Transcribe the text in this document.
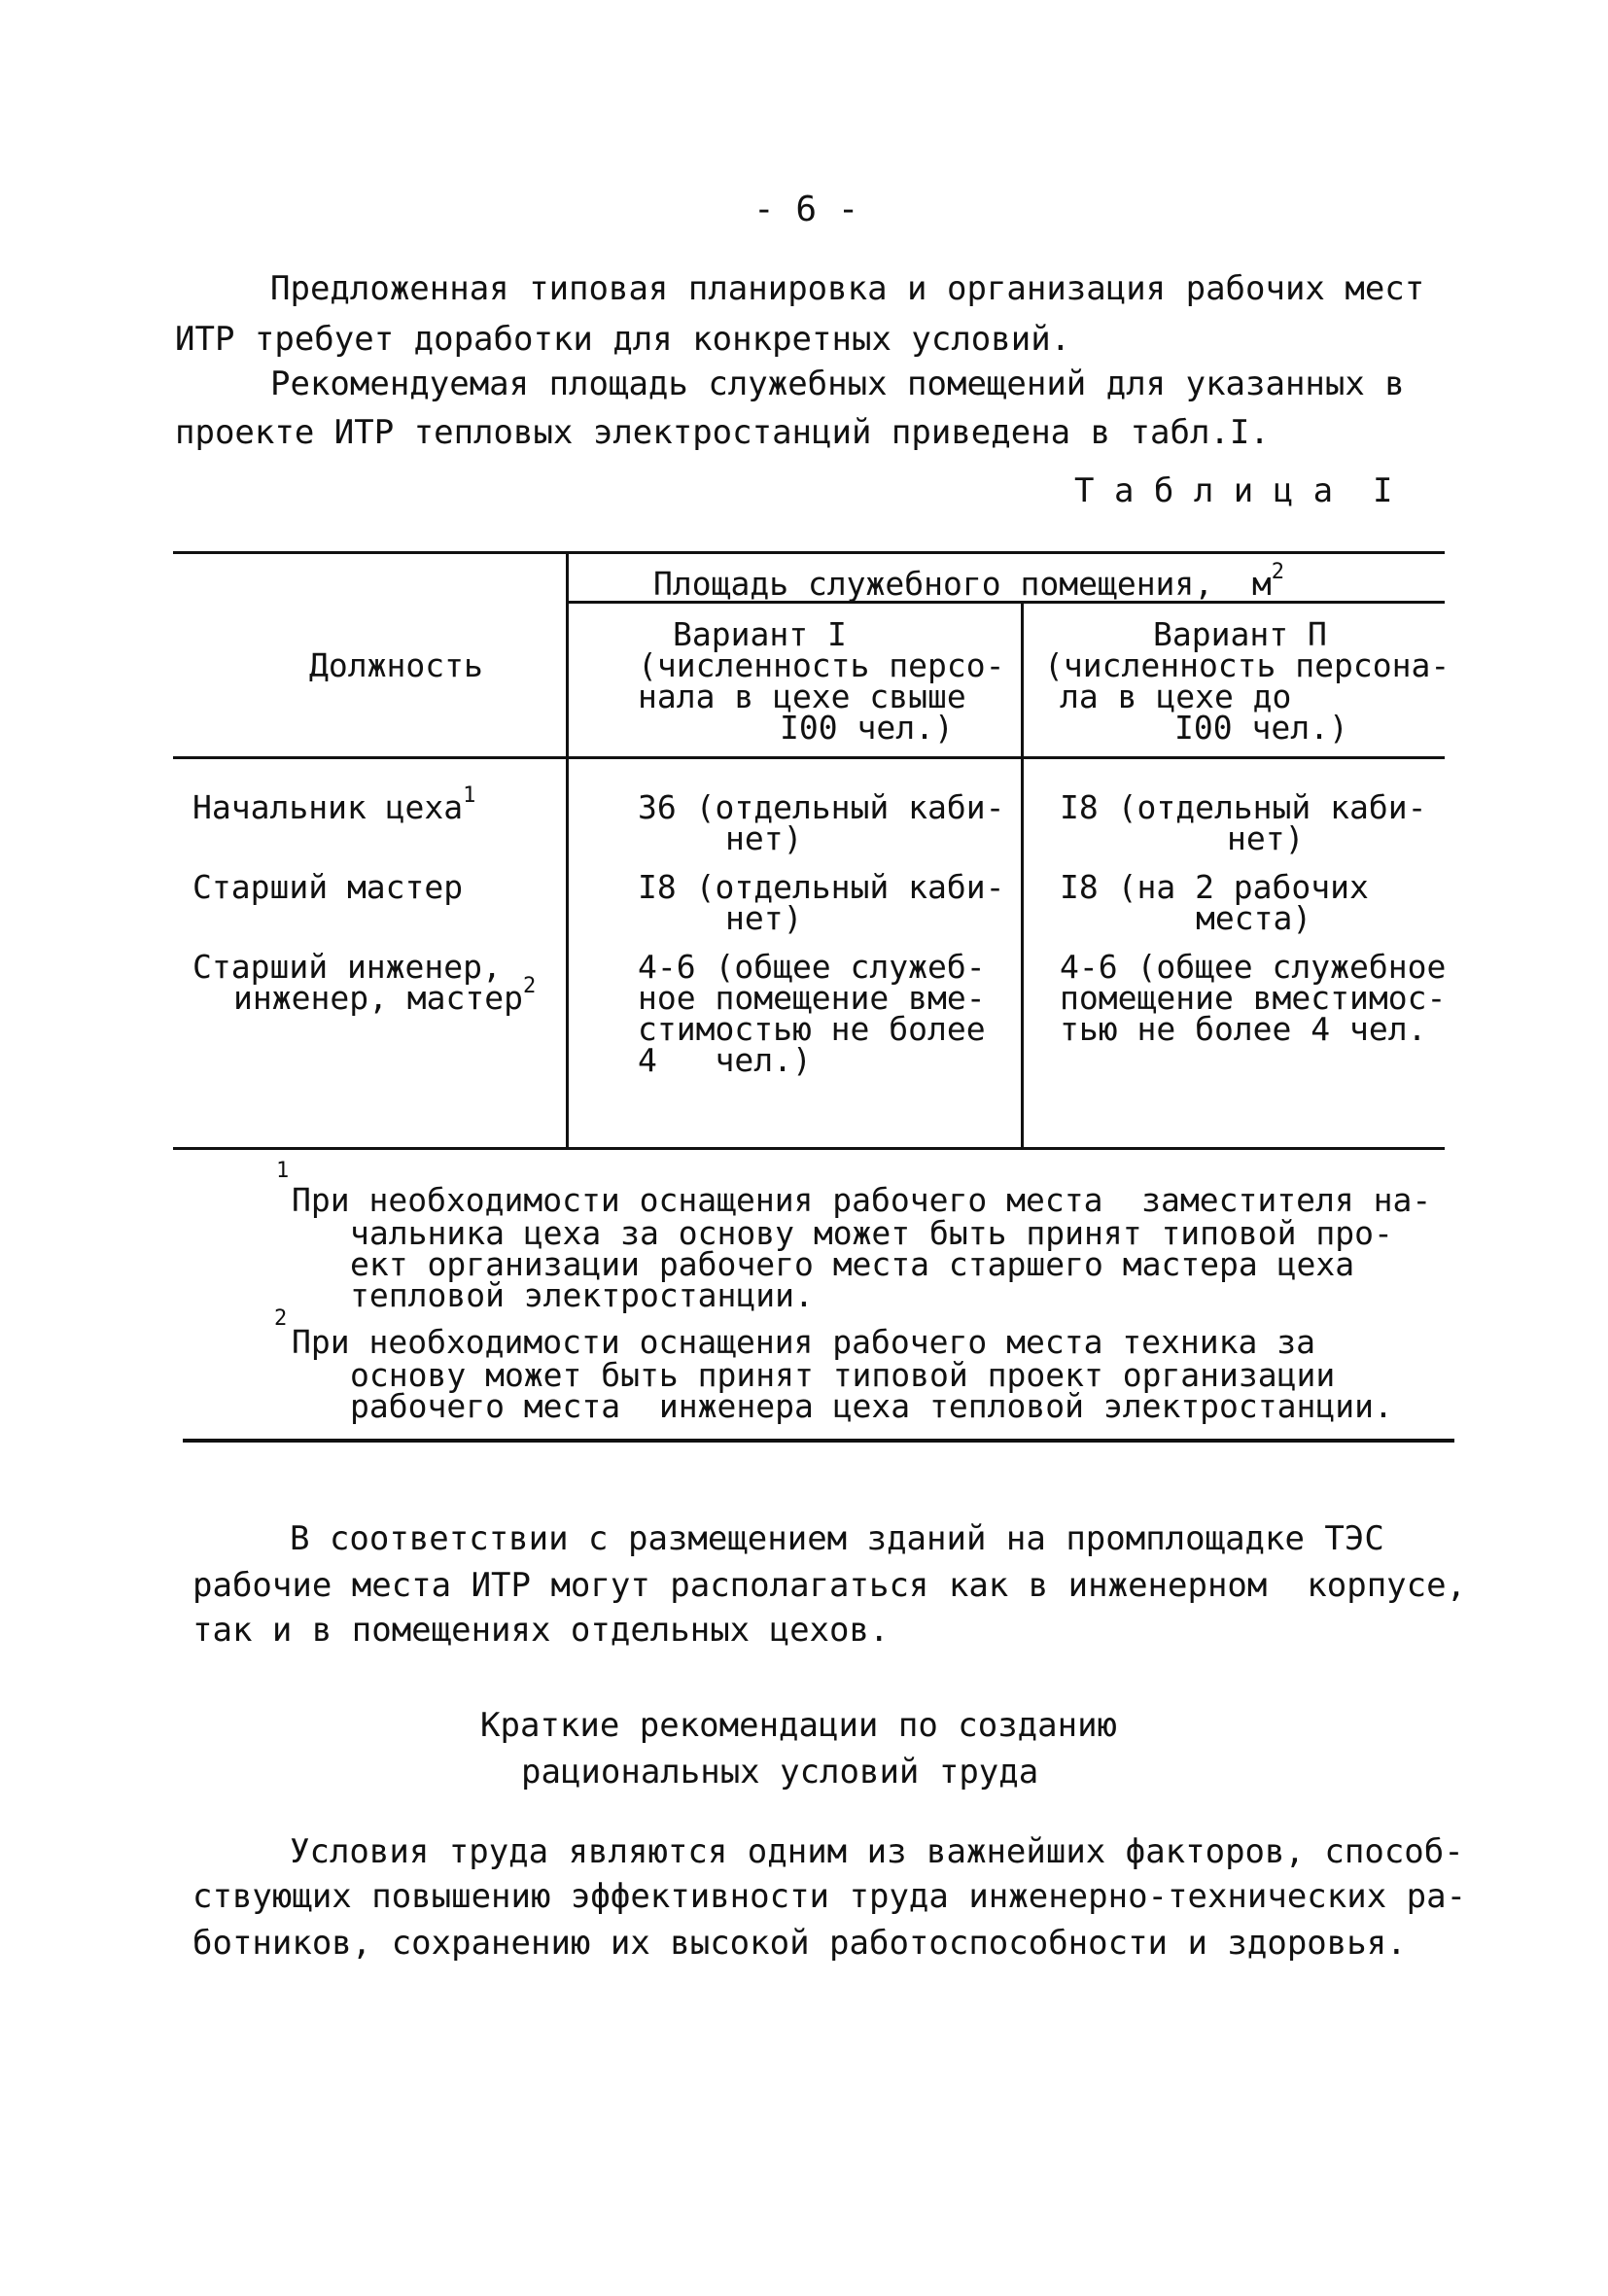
- 6 -
Предложенная типовая планировка и организация рабочих мест
ИТР требует доработки для конкретных условий.
Рекомендуемая площадь служебных помещений для указанных в
проекте ИТР тепловых электростанций приведена в табл.I.
Т а б л и ц а  I
Площадь служебного помещения,  $м^2$
Должность
Вариант I
(численность персо-
нала в цехе свыше
I00 чел.)
Вариант П
(численность персона-
ла в цехе до
I00 чел.)
Начальник цеха$^1$	36 (отдельный каби-
нет)
I8 (отдельный каби-
нет)
Старший мастер	I8 (отдельный каби-
нет)
I8 (на 2 рабочих
места)
Старший инженер,
инженер, мастер$^2$
4-6 (общее служеб-
ное помещение вме-
стимостью не более
4   чел.)
4-6 (общее служебное
помещение вместимос-
тью не более 4 чел.
1
При необходимости оснащения рабочего места  заместителя на-
чальника цеха за основу может быть принят типовой про-
ект организации рабочего места старшего мастера цеха
тепловой электростанции.
2
При необходимости оснащения рабочего места техника за
основу может быть принят типовой проект организации
рабочего места  инженера цеха тепловой электростанции.
В соответствии с размещением зданий на промплощадке ТЭС
рабочие места ИТР могут располагаться как в инженерном  корпусе,
так и в помещениях отдельных цехов.
Краткие рекомендации по созданию
рациональных условий труда
Условия труда являются одним из важнейших факторов, способ-
ствующих повышению эффективности труда инженерно-технических ра-
ботников, сохранению их высокой работоспособности и здоровья.
